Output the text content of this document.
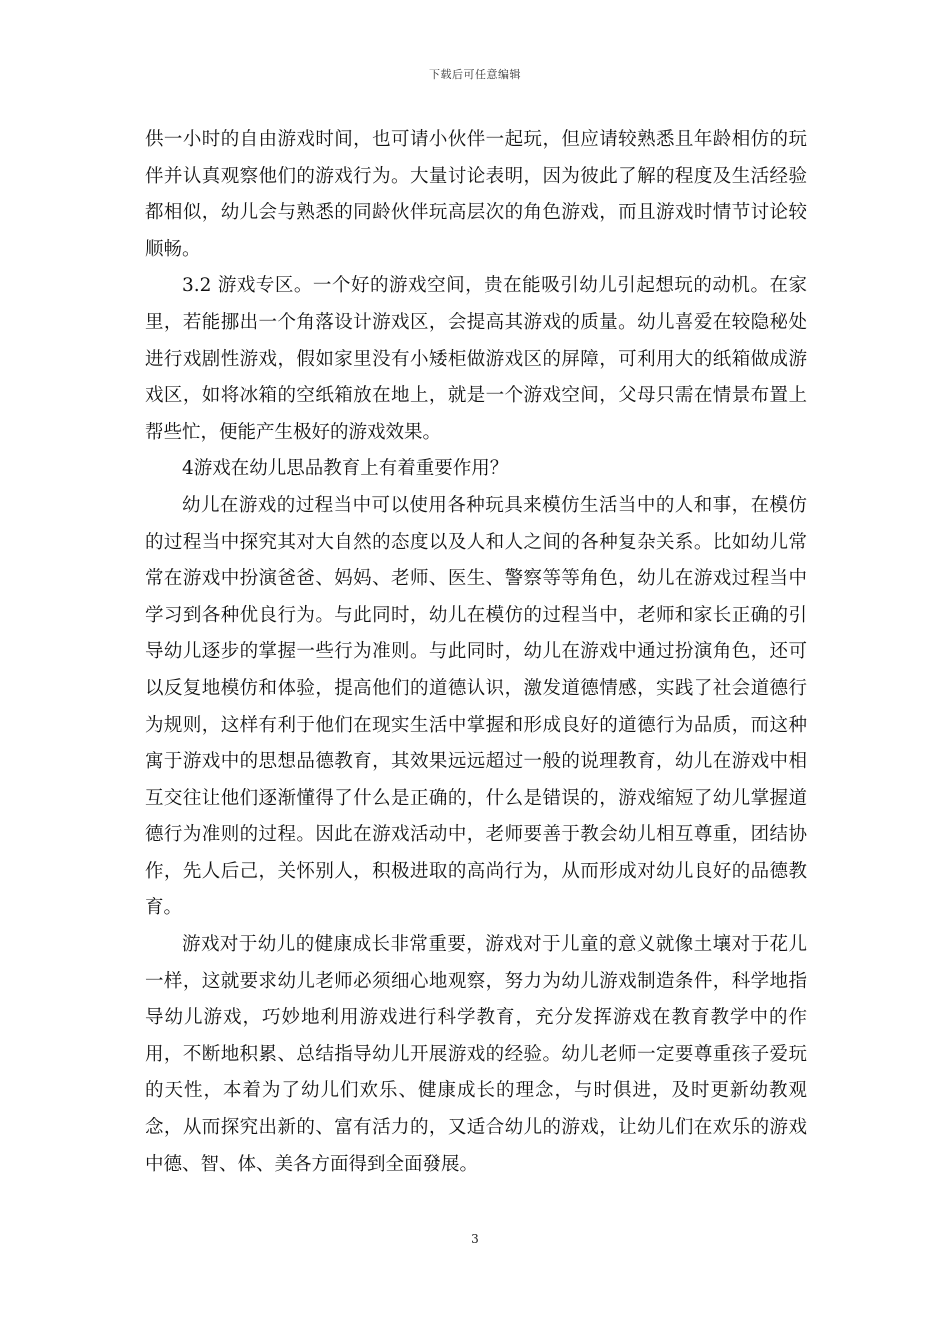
下载后可任意编辑

供一小时的自由游戏时间，也可请小伙伴一起玩，但应请较熟悉且年龄相仿的玩伴并认真观察他们的游戏行为。大量讨论表明，因为彼此了解的程度及生活经验都相似，幼儿会与熟悉的同龄伙伴玩高层次的角色游戏，而且游戏时情节讨论较顺畅。

3.2 游戏专区。一个好的游戏空间，贵在能吸引幼儿引起想玩的动机。在家里，若能挪出一个角落设计游戏区，会提高其游戏的质量。幼儿喜爱在较隐秘处进行戏剧性游戏，假如家里没有小矮柜做游戏区的屏障，可利用大的纸箱做成游戏区，如将冰箱的空纸箱放在地上，就是一个游戏空间，父母只需在情景布置上帮些忙，便能产生极好的游戏效果。

4游戏在幼儿思品教育上有着重要作用？

幼儿在游戏的过程当中可以使用各种玩具来模仿生活当中的人和事，在模仿的过程当中探究其对大自然的态度以及人和人之间的各种复杂关系。比如幼儿常常在游戏中扮演爸爸、妈妈、老师、医生、警察等等角色，幼儿在游戏过程当中学习到各种优良行为。与此同时，幼儿在模仿的过程当中，老师和家长正确的引导幼儿逐步的掌握一些行为准则。与此同时，幼儿在游戏中通过扮演角色，还可以反复地模仿和体验，提高他们的道德认识，激发道德情感，实践了社会道德行为规则，这样有利于他们在现实生活中掌握和形成良好的道德行为品质，而这种寓于游戏中的思想品德教育，其效果远远超过一般的说理教育，幼儿在游戏中相互交往让他们逐渐懂得了什么是正确的，什么是错误的，游戏缩短了幼儿掌握道德行为准则的过程。因此在游戏活动中，老师要善于教会幼儿相互尊重，团结协作，先人后己，关怀别人，积极进取的高尚行为，从而形成对幼儿良好的品德教育。

游戏对于幼儿的健康成长非常重要，游戏对于儿童的意义就像土壤对于花儿一样，这就要求幼儿老师必须细心地观察，努力为幼儿游戏制造条件，科学地指导幼儿游戏，巧妙地利用游戏进行科学教育，充分发挥游戏在教育教学中的作用，不断地积累、总结指导幼儿开展游戏的经验。幼儿老师一定要尊重孩子爱玩的天性，本着为了幼儿们欢乐、健康成长的理念，与时俱进，及时更新幼教观念，从而探究出新的、富有活力的，又适合幼儿的游戏，让幼儿们在欢乐的游戏中德、智、体、美各方面得到全面發展。

3
